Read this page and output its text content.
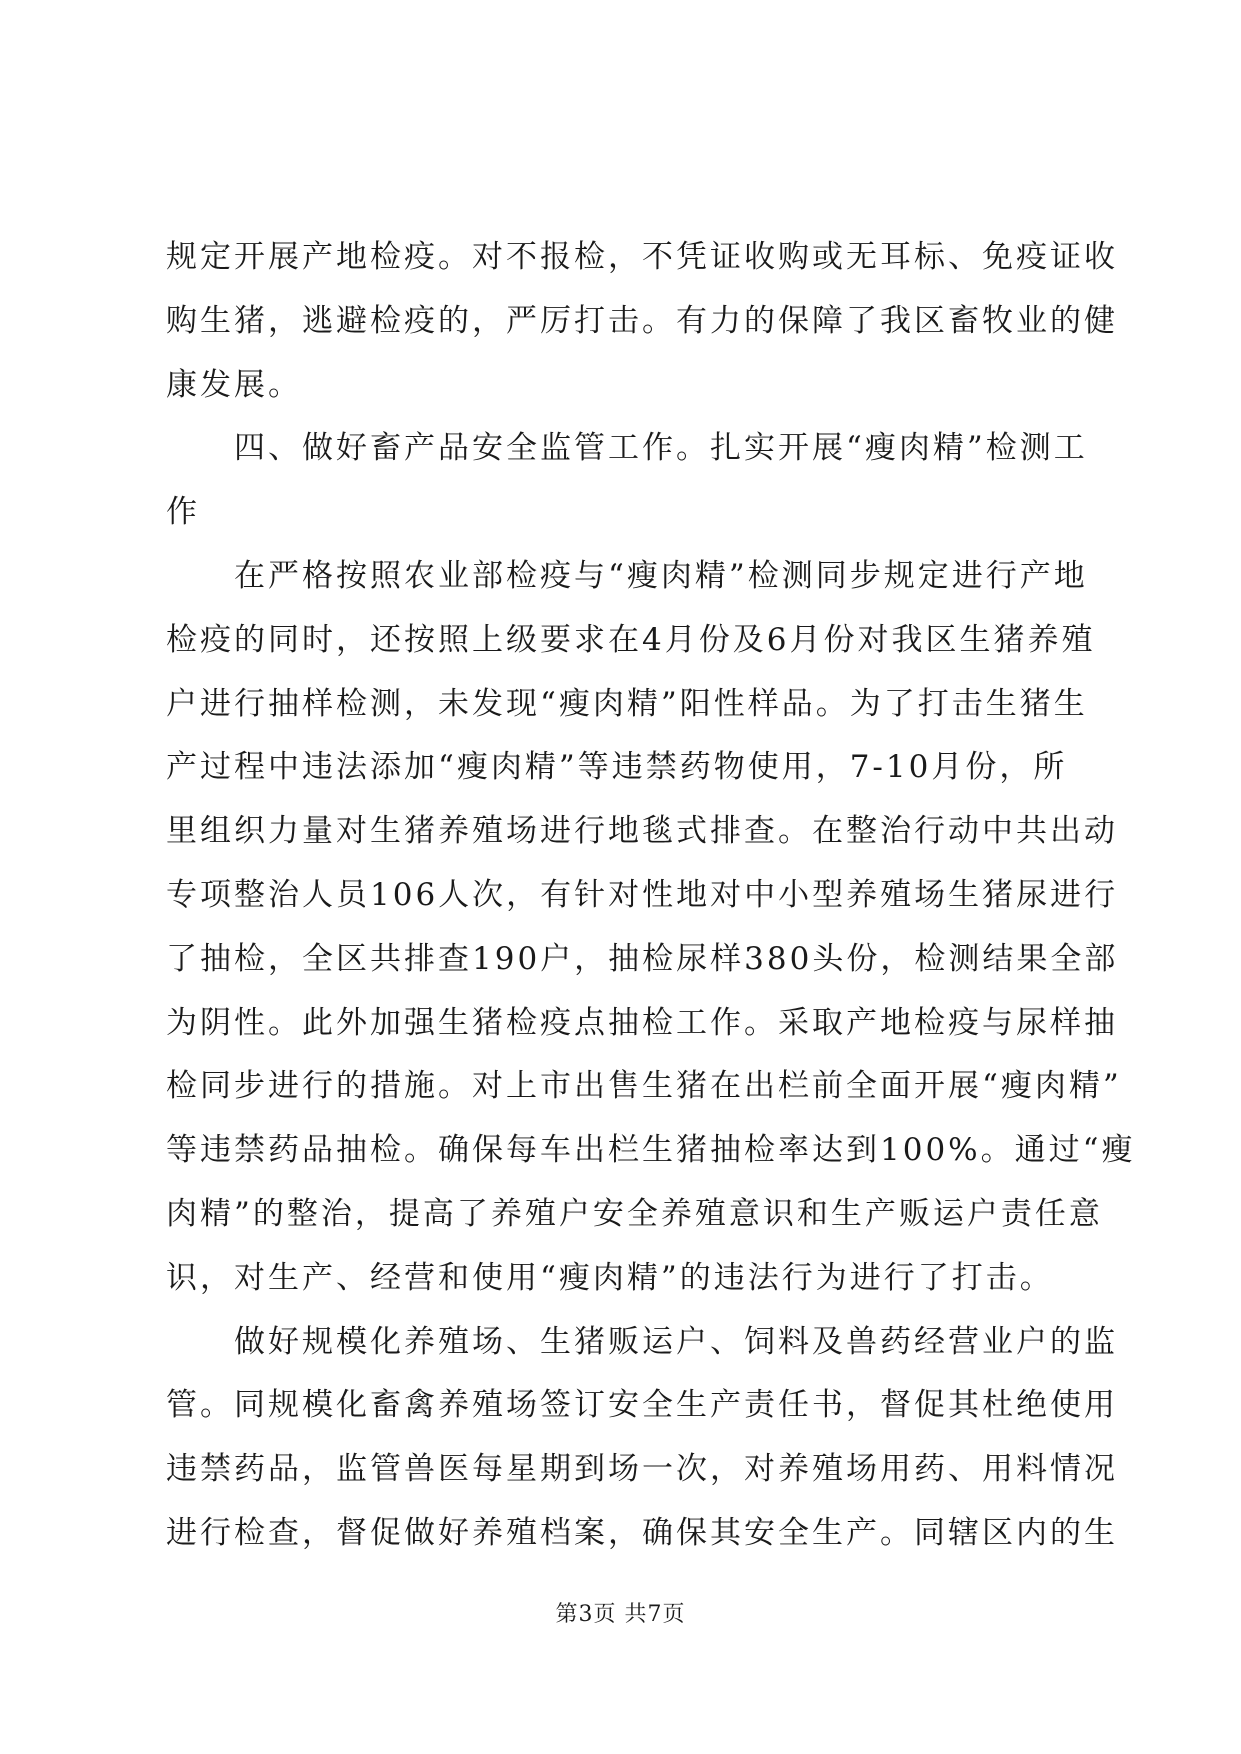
规定开展产地检疫。对不报检，不凭证收购或无耳标、免疫证收
购生猪，逃避检疫的，严厉打击。有力的保障了我区畜牧业的健
康发展。
四、做好畜产品安全监管工作。扎实开展“瘦肉精”检测工
作
在严格按照农业部检疫与“瘦肉精”检测同步规定进行产地
检疫的同时，还按照上级要求在4月份及6月份对我区生猪养殖
户进行抽样检测，未发现“瘦肉精”阳性样品。为了打击生猪生
产过程中违法添加“瘦肉精”等违禁药物使用，7-10月份，所
里组织力量对生猪养殖场进行地毯式排查。在整治行动中共出动
专项整治人员106人次，有针对性地对中小型养殖场生猪尿进行
了抽检，全区共排查190户，抽检尿样380头份，检测结果全部
为阴性。此外加强生猪检疫点抽检工作。采取产地检疫与尿样抽
检同步进行的措施。对上市出售生猪在出栏前全面开展“瘦肉精”
等违禁药品抽检。确保每车出栏生猪抽检率达到100%。通过“瘦
肉精”的整治，提高了养殖户安全养殖意识和生产贩运户责任意
识，对生产、经营和使用“瘦肉精”的违法行为进行了打击。
做好规模化养殖场、生猪贩运户、饲料及兽药经营业户的监
管。同规模化畜禽养殖场签订安全生产责任书，督促其杜绝使用
违禁药品，监管兽医每星期到场一次，对养殖场用药、用料情况
进行检查，督促做好养殖档案，确保其安全生产。同辖区内的生
第3页 共7页
